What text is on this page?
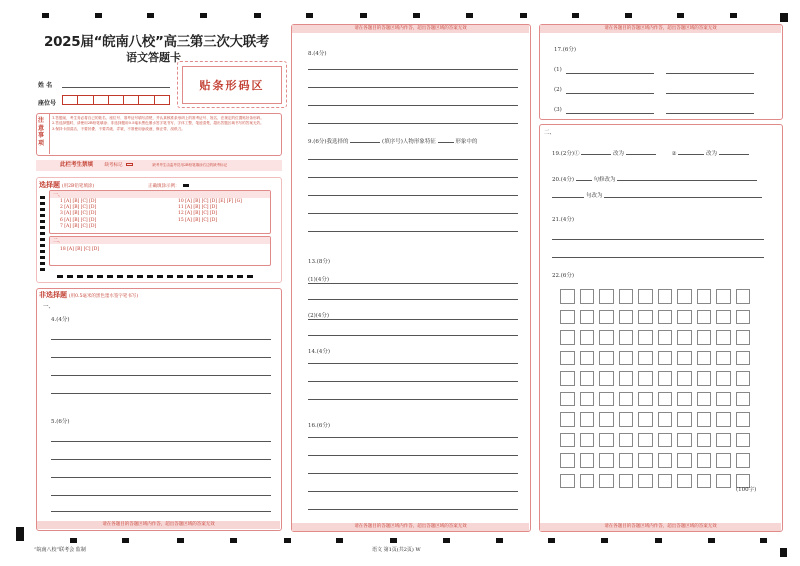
2025届“皖南八校”高三第三次大联考
语文答题卡
贴条形码区
姓 名
座位号
注意事项
1.答题前，考生务必将自己的姓名、座位号、准考证号填写清楚，并认真核准条形码上的准考证号、姓名，在规定的位置贴好条形码。
2.答选择题时，请使用2B铅笔填涂；非选择题用0.5毫米黑色墨水签字笔书写，字体工整，笔迹清楚，超出答题区域书写的答案无效。
3.保持卡面清洁，不要折叠、不要弄破、弄皱，不准使用涂改液、修正带、刮纸刀。
此栏考生禁填	缺考标记	缺考考生由监考员用2B铅笔填涂右边的缺考标记
选择题 (用2B铅笔填涂)	正确填涂示例：
一、
1 [A] [B] [C] [D]
2 [A] [B] [C] [D]
3 [A] [B] [C] [D]
6 [A] [B] [C] [D]
7 [A] [B] [C] [D]
10 [A] [B] [C] [D] [E] [F] [G]
11 [A] [B] [C] [D]
12 [A] [B] [C] [D]
15 [A] [B] [C] [D]
二、
18 [A] [B] [C] [D]
非选择题 (用0.5毫米的黑色墨水签字笔书写)
一、
4.(4分)
5.(6分)
请在各题目的答题区域内作答，超出答题区域的答案无效
请在各题目的答题区域内作答，超出答题区域的答案无效
8.(4分)
9.(6分)我选择的	(填序号)人物形象特征	形象中的
13.(8分)
(1)(4分)
(2)(4分)
14.(4分)
16.(6分)
请在各题目的答题区域内作答，超出答题区域的答案无效
请在各题目的答题区域内作答，超出答题区域的答案无效
17.(6分)
(1)
(2)
(3)
二、
19.(2分)①	改为	②	改为
20.(4分)	句修改为
句改为
21.(4分)
22.(6分)
(100字)
请在各题目的答题区域内作答，超出答题区域的答案无效
“皖南八校”联考会 监制	语文 第1页(共2页) W
